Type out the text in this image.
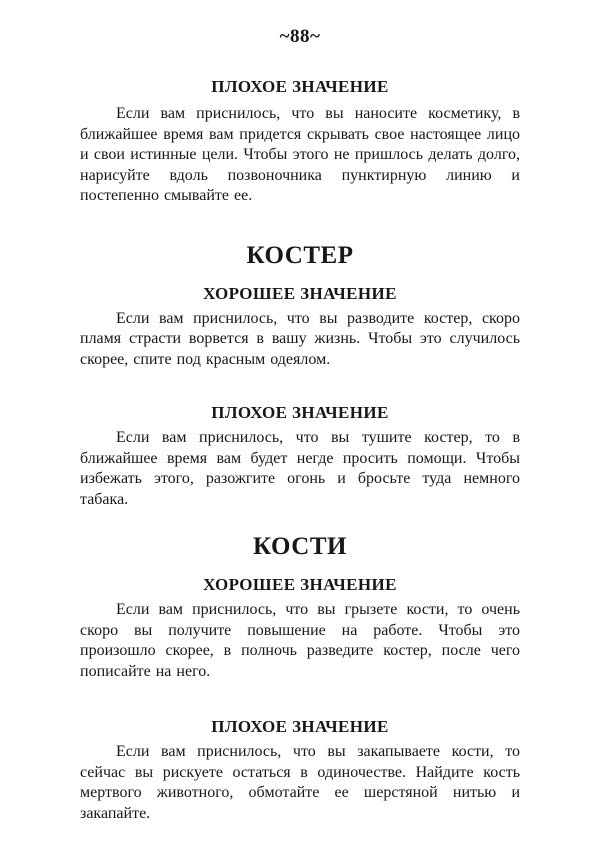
~88~
ПЛОХОЕ ЗНАЧЕНИЕ

Если вам приснилось, что вы наносите косметику, в ближайшее время вам придется скрывать свое настоящее лицо и свои истинные цели. Чтобы этого не пришлось делать долго, нарисуйте вдоль позвоночника пунктирную линию и постепенно смывайте ее.

КОСТЕР
ХОРОШЕЕ ЗНАЧЕНИЕ

Если вам приснилось, что вы разводите костер, скоро пламя страсти ворвется в вашу жизнь. Чтобы это случилось скорее, спите под красным одеялом.

ПЛОХОЕ ЗНАЧЕНИЕ

Если вам приснилось, что вы тушите костер, то в ближайшее время вам будет негде просить помощи. Чтобы избежать этого, разожгите огонь и бросьте туда немного табака.

КОСТИ
ХОРОШЕЕ ЗНАЧЕНИЕ

Если вам приснилось, что вы грызете кости, то очень скоро вы получите повышение на работе. Чтобы это произошло скорее, в полночь разведите костер, после чего пописайте на него.

ПЛОХОЕ ЗНАЧЕНИЕ

Если вам приснилось, что вы закапываете кости, то сейчас вы рискуете остаться в одиночестве. Найдите кость мертвого животного, обмотайте ее шерстяной нитью и закапайте.
